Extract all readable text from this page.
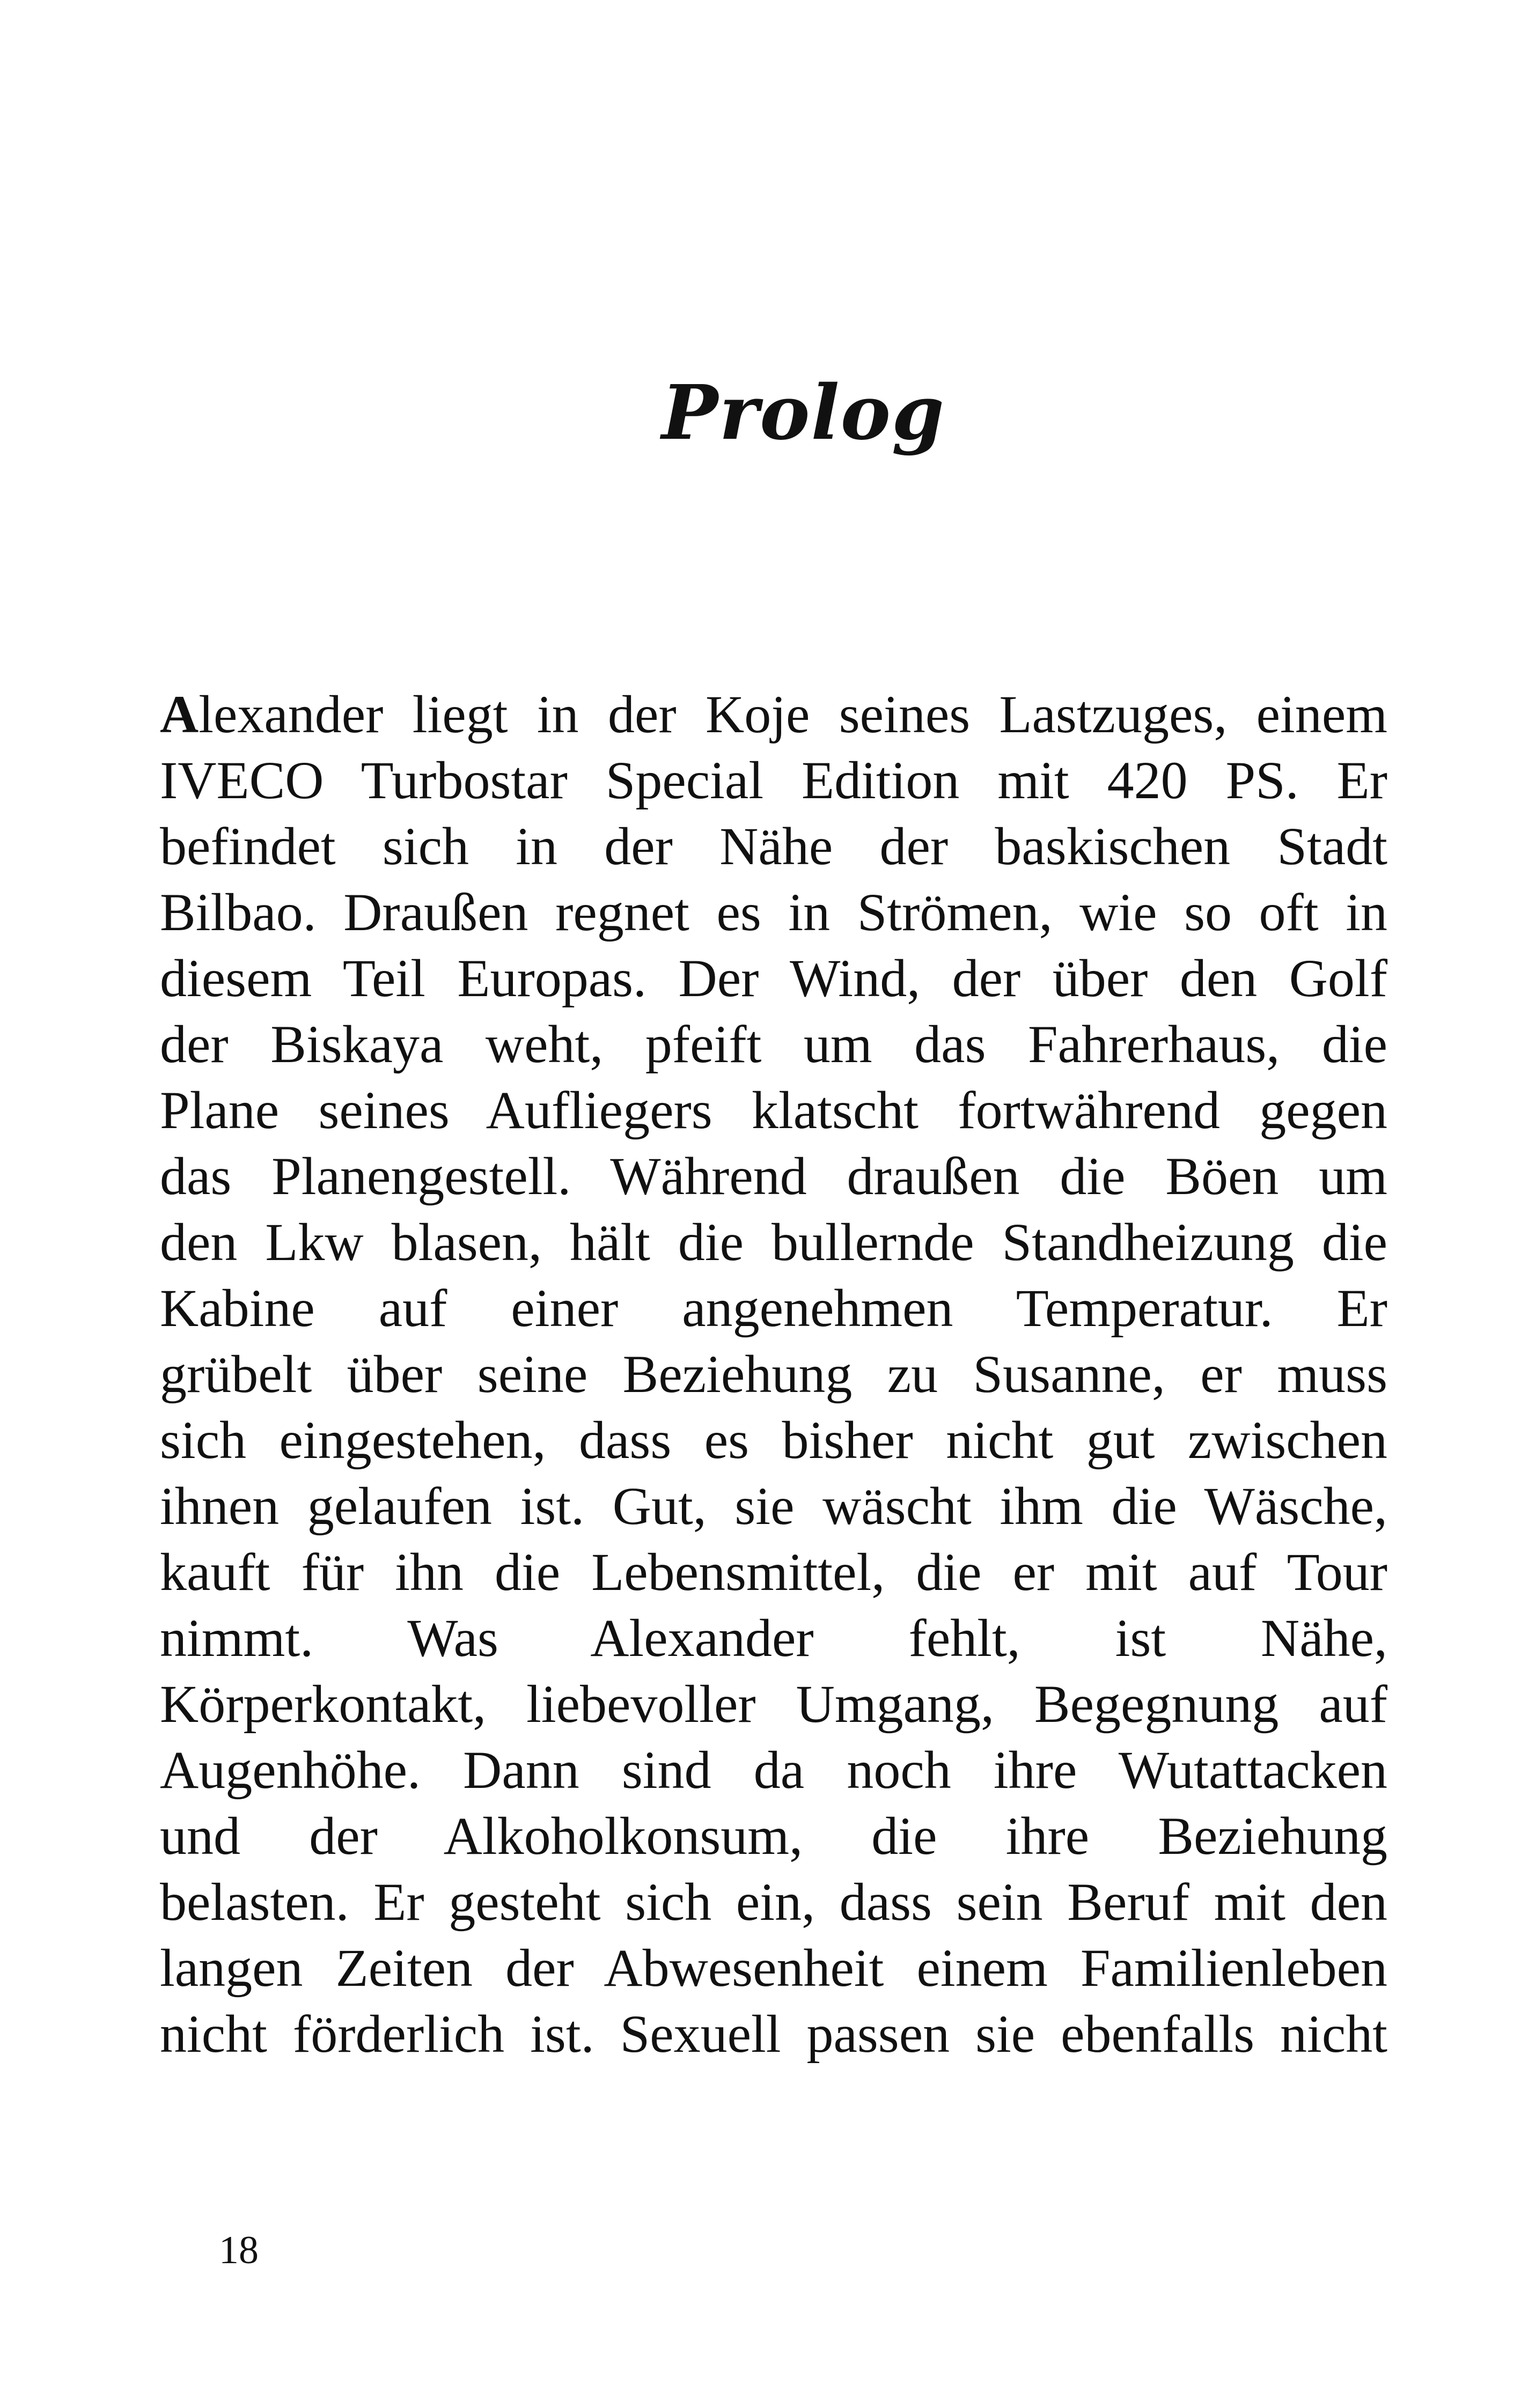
Prolog
Alexander liegt in der Koje seines Lastzuges, einem
IVECO Turbostar Special Edition mit 420 PS. Er
befindet sich in der Nähe der baskischen Stadt
Bilbao. Draußen regnet es in Strömen, wie so oft in
diesem Teil Europas. Der Wind, der über den Golf
der Biskaya weht, pfeift um das Fahrerhaus, die
Plane seines Aufliegers klatscht fortwährend gegen
das Planengestell. Während draußen die Böen um
den Lkw blasen, hält die bullernde Standheizung die
Kabine auf einer angenehmen Temperatur. Er
grübelt über seine Beziehung zu Susanne, er muss
sich eingestehen, dass es bisher nicht gut zwischen
ihnen gelaufen ist. Gut, sie wäscht ihm die Wäsche,
kauft für ihn die Lebensmittel, die er mit auf Tour
nimmt. Was Alexander fehlt, ist Nähe,
Körperkontakt, liebevoller Umgang, Begegnung auf
Augenhöhe. Dann sind da noch ihre Wutattacken
und der Alkoholkonsum, die ihre Beziehung
belasten. Er gesteht sich ein, dass sein Beruf mit den
langen Zeiten der Abwesenheit einem Familienleben
nicht förderlich ist. Sexuell passen sie ebenfalls nicht
18
